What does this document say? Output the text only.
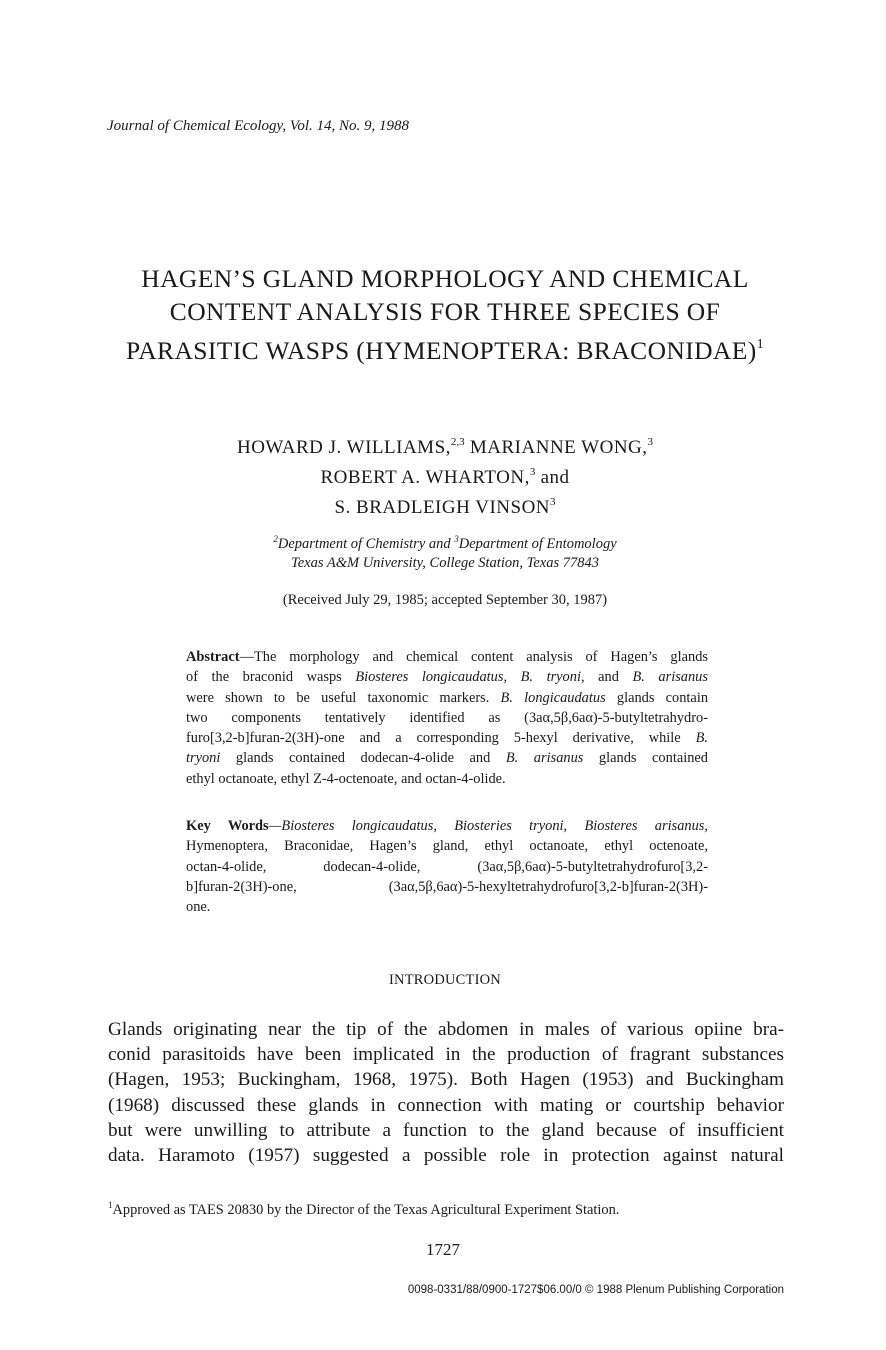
Journal of Chemical Ecology, Vol. 14, No. 9, 1988
HAGEN’S GLAND MORPHOLOGY AND CHEMICAL
CONTENT ANALYSIS FOR THREE SPECIES OF
PARASITIC WASPS (HYMENOPTERA: BRACONIDAE)$^1$
HOWARD J. WILLIAMS,$^{2,3}$ MARIANNE WONG,$^3$
ROBERT A. WHARTON,$^3$ and
S. BRADLEIGH VINSON$^3$
$^2$Department of Chemistry and $^3$Department of Entomology
Texas A&M University, College Station, Texas 77843
(Received July 29, 1985; accepted September 30, 1987)
Abstract—The morphology and chemical content analysis of Hagen’s glands
of the braconid wasps Biosteres longicaudatus, B. tryoni, and B. arisanus
were shown to be useful taxonomic markers. B. longicaudatus glands contain
two components tentatively identified as (3aα,5β,6aα)-5-butyltetrahydro-
furo[3,2-b]furan-2(3H)-one and a corresponding 5-hexyl derivative, while B.
tryoni glands contained dodecan-4-olide and B. arisanus glands contained
ethyl octanoate, ethyl Z-4-octenoate, and octan-4-olide.
Key Words—Biosteres longicaudatus, Biosteries tryoni, Biosteres arisanus,
Hymenoptera, Braconidae, Hagen’s gland, ethyl octanoate, ethyl octenoate,
octan-4-olide, dodecan-4-olide, (3aα,5β,6aα)-5-butyltetrahydrofuro[3,2-
b]furan-2(3H)-one, (3aα,5β,6aα)-5-hexyltetrahydrofuro[3,2-b]furan-2(3H)-
one.
INTRODUCTION
Glands originating near the tip of the abdomen in males of various opiine bra-
conid parasitoids have been implicated in the production of fragrant substances
(Hagen, 1953; Buckingham, 1968, 1975). Both Hagen (1953) and Buckingham
(1968) discussed these glands in connection with mating or courtship behavior
but were unwilling to attribute a function to the gland because of insufficient
data. Haramoto (1957) suggested a possible role in protection against natural
$^1$Approved as TAES 20830 by the Director of the Texas Agricultural Experiment Station.
1727
0098-0331/88/0900-1727$06.00/0 © 1988 Plenum Publishing Corporation
